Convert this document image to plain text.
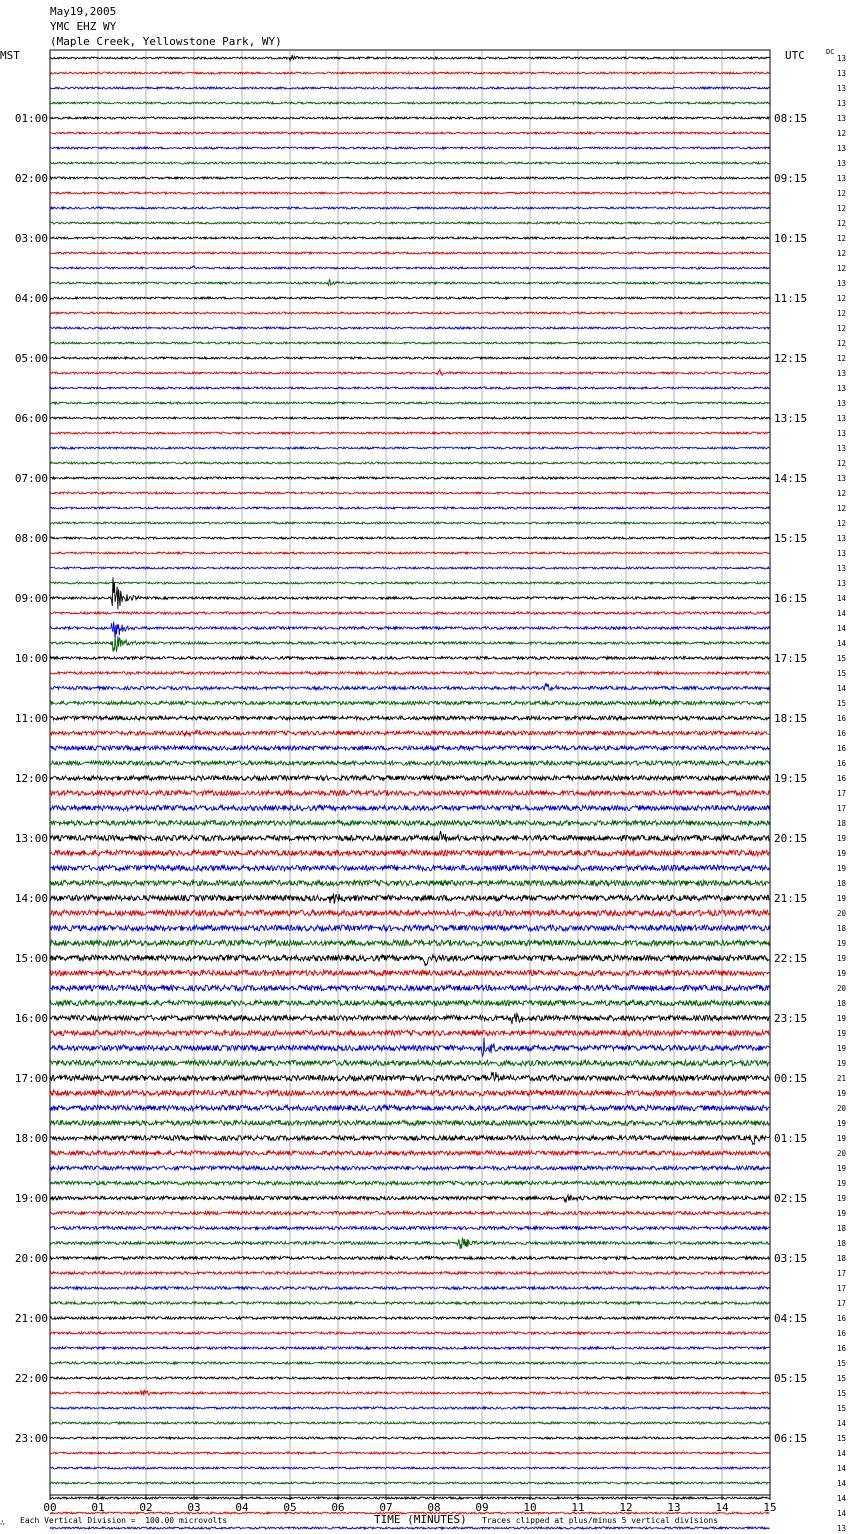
May19,2005
YMC EHZ WY
(Maple Creek, Yellowstone Park, WY)
MST	UTC	DC
13
13
13
13
13
12
13
13
13
12
12
12
12
12
12
13
12
12
12
12
12
13
13
13
13
13
13
12
13
12
12
12
13
13
13
13
14
14
14
14
15
15
14
15
16
16
16
16
16
17
17
18
19
19
19
18
19
20
18
19
19
19
20
18
19
19
19
19
21
19
20
19
19
20
19
19
19
19
18
18
18
17
17
17
16
16
16
15
15
15
15
14
15
14
14
14
14
14
13
01:00
02:00
03:00
04:00
05:00
06:00
07:00
08:00
09:00
10:00
11:00
12:00
13:00
14:00
15:00
16:00
17:00
18:00
19:00
20:00
21:00
22:00
23:00
08:15
09:15
10:15
11:15
12:15
13:15
14:15
15:15
16:15
17:15
18:15
19:15
20:15
21:15
22:15
23:15
00:15
01:15
02:15
03:15
04:15
05:15
06:15
00	01	02	03	04	05	06	07	08	09	10	11	12	13	14	15
∴ Each Vertical Division =  100.00 microvolts	TIME (MINUTES) Traces clipped at plus/minus 5 vertical divisions
